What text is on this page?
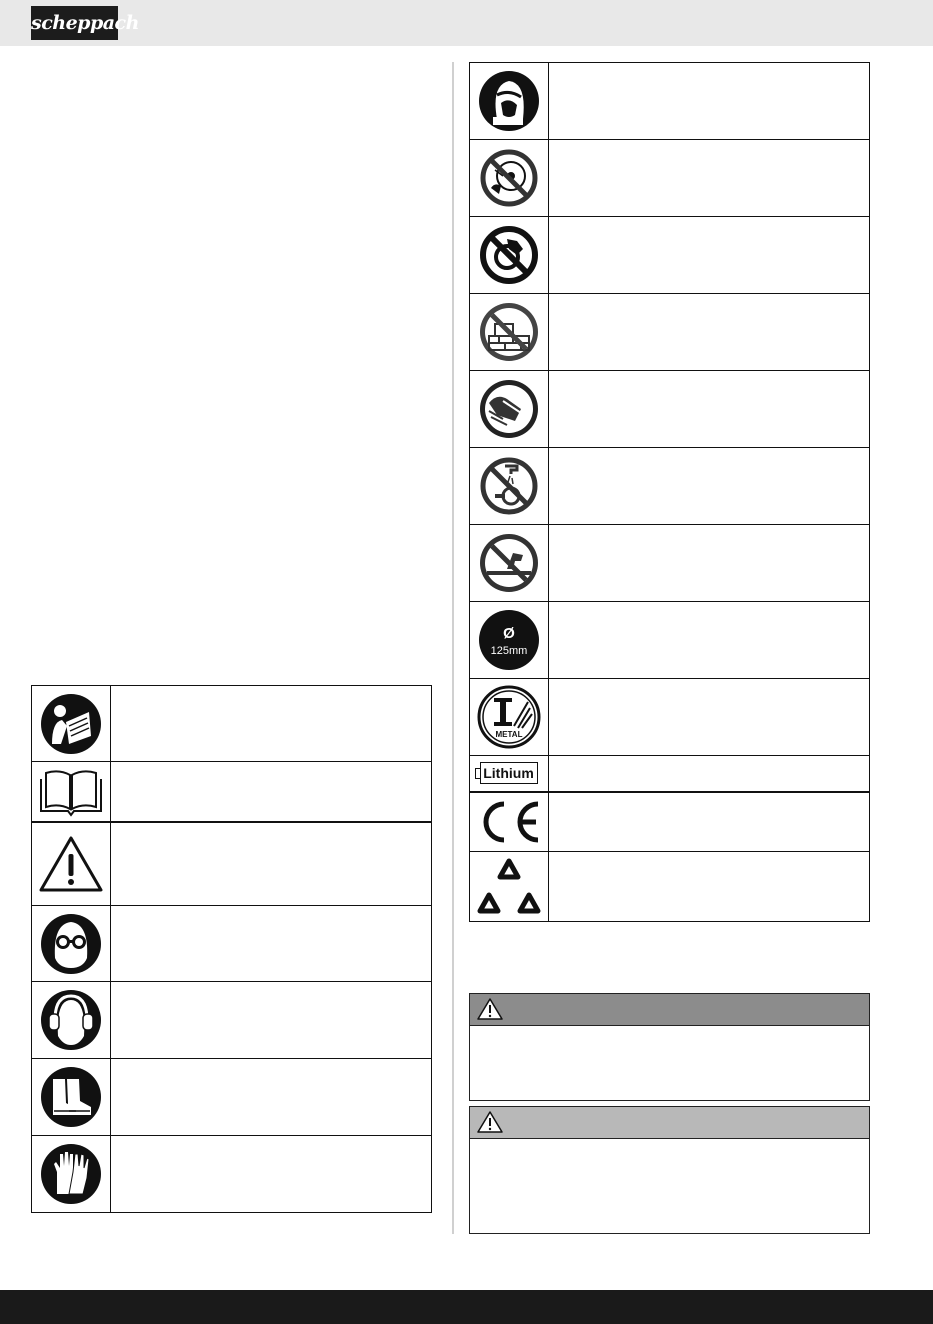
scheppach

Ø
125mm	

METAL	

Lithium	
